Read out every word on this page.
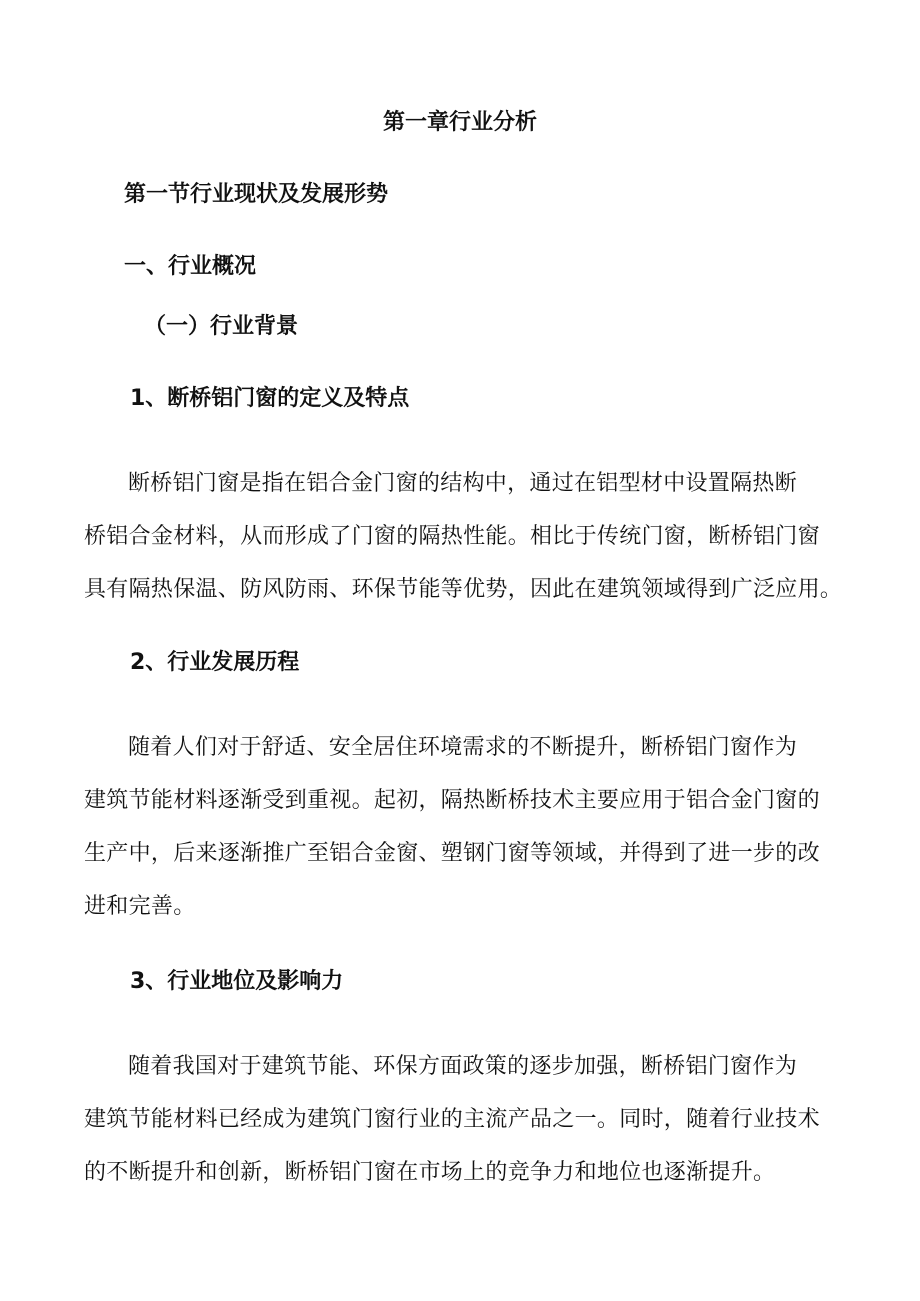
第一章行业分析
第一节行业现状及发展形势
一、行业概况
（一）行业背景
1、断桥铝门窗的定义及特点

断桥铝门窗是指在铝合金门窗的结构中，通过在铝型材中设置隔热断
桥铝合金材料，从而形成了门窗的隔热性能。相比于传统门窗，断桥铝门窗
具有隔热保温、防风防雨、环保节能等优势，因此在建筑领域得到广泛应用。

2、行业发展历程

随着人们对于舒适、安全居住环境需求的不断提升，断桥铝门窗作为
建筑节能材料逐渐受到重视。起初，隔热断桥技术主要应用于铝合金门窗的
生产中，后来逐渐推广至铝合金窗、塑钢门窗等领域，并得到了进一步的改
进和完善。

3、行业地位及影响力

随着我国对于建筑节能、环保方面政策的逐步加强，断桥铝门窗作为
建筑节能材料已经成为建筑门窗行业的主流产品之一。同时，随着行业技术
的不断提升和创新，断桥铝门窗在市场上的竞争力和地位也逐渐提升。
